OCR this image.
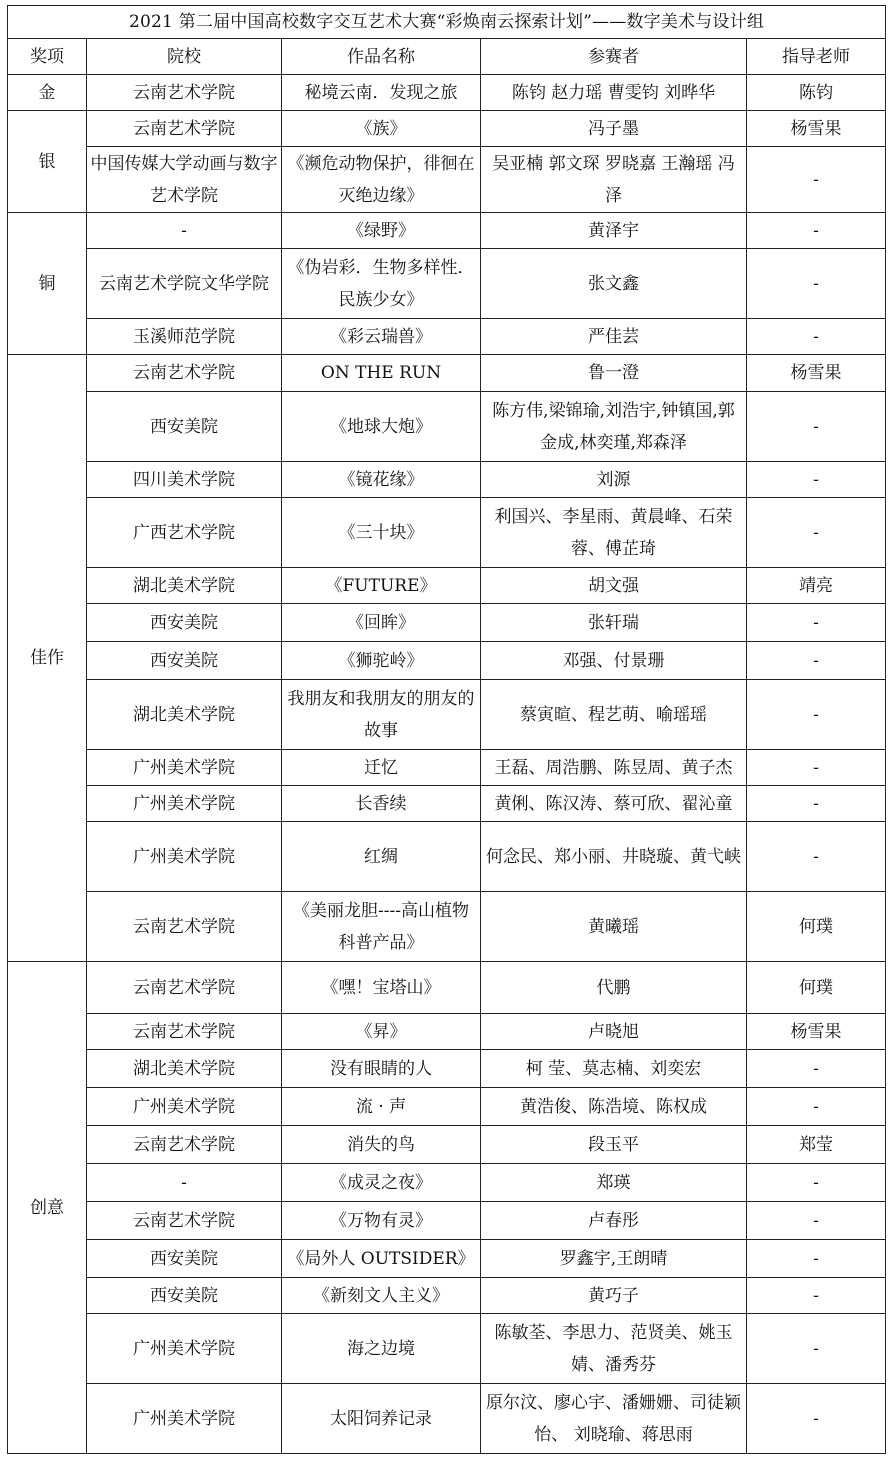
2021 第二届中国高校数字交互艺术大赛“彩焕南云探索计划”——数字美术与设计组				
奖项	院校	作品名称	参赛者	指导老师
金	云南艺术学院	秘境云南．发现之旅	陈钧 赵力瑶 曹雯钧 刘晔华	陈钧
银	云南艺术学院	《族》	冯子墨	杨雪果
	中国传媒大学动画与数字艺术学院	《濒危动物保护，徘徊在灭绝边缘》	吴亚楠 郭文琛 罗晓嘉 王瀚瑶 冯泽	-
铜	-	《绿野》	黄泽宇	-
	云南艺术学院文华学院	《伪岩彩．生物多样性．民族少女》	张文鑫	-
	玉溪师范学院	《彩云瑞兽》	严佳芸	-
佳作	云南艺术学院	ON THE RUN	鲁一澄	杨雪果
	西安美院	《地球大炮》	陈方伟,梁锦瑜,刘浩宇,钟镇国,郭金成,林奕瑾,郑森泽	-
	四川美术学院	《镜花缘》	刘源	-
	广西艺术学院	《三十块》	利国兴、李星雨、黄晨峰、石荣蓉、傅芷琦	-
	湖北美术学院	《FUTURE》	胡文强	靖亮
	西安美院	《回眸》	张轩瑞	-
	西安美院	《狮驼岭》	邓强、付景珊	-
	湖北美术学院	我朋友和我朋友的朋友的故事	蔡寅暄、程艺萌、喻瑶瑶	-
	广州美术学院	迁忆	王磊、周浩鹏、陈昱周、黄子杰	-
	广州美术学院	长香续	黄俐、陈汉涛、蔡可欣、翟沁童	-
	广州美术学院	红绸	何念民、郑小丽、井晓璇、黄弋峡	-
	云南艺术学院	《美丽龙胆----高山植物科普产品》	黄曦瑶	何璞
创意	云南艺术学院	《嘿！宝塔山》	代鹏	何璞
	云南艺术学院	《昇》	卢晓旭	杨雪果
	湖北美术学院	没有眼睛的人	柯 莹、莫志楠、刘奕宏	-
	广州美术学院	流 · 声	黄浩俊、陈浩境、陈权成	-
	云南艺术学院	消失的鸟	段玉平	郑莹
	-	《成灵之夜》	郑瑛	-
	云南艺术学院	《万物有灵》	卢春彤	-
	西安美院	《局外人 OUTSIDER》	罗鑫宇,王朗晴	-
	西安美院	《新刻文人主义》	黄巧子	-
	广州美术学院	海之边境	陈敏荃、李思力、范贤美、姚玉婧、潘秀芬	-
	广州美术学院	太阳饲养记录	原尔汶、廖心宇、潘姗姗、司徒颖怡、 刘晓瑜、蒋思雨	-
